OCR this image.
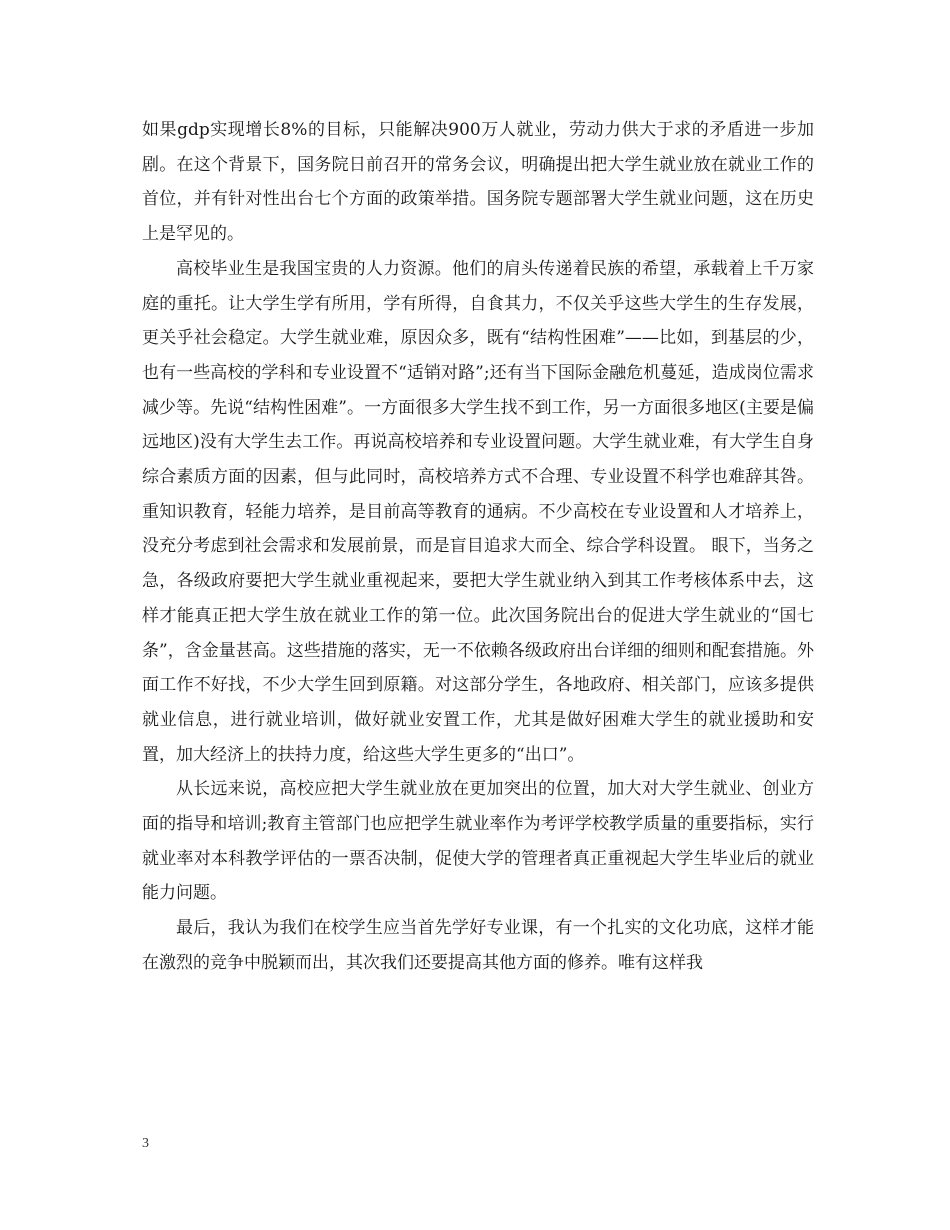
如果gdp实现增长8%的目标，只能解决900万人就业，劳动力供大于求的矛盾进一步加剧。在这个背景下，国务院日前召开的常务会议，明确提出把大学生就业放在就业工作的首位，并有针对性出台七个方面的政策举措。国务院专题部署大学生就业问题，这在历史上是罕见的。

高校毕业生是我国宝贵的人力资源。他们的肩头传递着民族的希望，承载着上千万家庭的重托。让大学生学有所用，学有所得，自食其力，不仅关乎这些大学生的生存发展，更关乎社会稳定。大学生就业难，原因众多，既有“结构性困难”——比如，到基层的少，也有一些高校的学科和专业设置不“适销对路”;还有当下国际金融危机蔓延，造成岗位需求减少等。先说“结构性困难”。一方面很多大学生找不到工作，另一方面很多地区(主要是偏远地区)没有大学生去工作。再说高校培养和专业设置问题。大学生就业难，有大学生自身综合素质方面的因素，但与此同时，高校培养方式不合理、专业设置不科学也难辞其咎。重知识教育，轻能力培养，是目前高等教育的通病。不少高校在专业设置和人才培养上，没充分考虑到社会需求和发展前景，而是盲目追求大而全、综合学科设置。 眼下，当务之急，各级政府要把大学生就业重视起来，要把大学生就业纳入到其工作考核体系中去，这样才能真正把大学生放在就业工作的第一位。此次国务院出台的促进大学生就业的“国七条”，含金量甚高。这些措施的落实，无一不依赖各级政府出台详细的细则和配套措施。外面工作不好找，不少大学生回到原籍。对这部分学生，各地政府、相关部门，应该多提供就业信息，进行就业培训，做好就业安置工作，尤其是做好困难大学生的就业援助和安置，加大经济上的扶持力度，给这些大学生更多的“出口”。

从长远来说，高校应把大学生就业放在更加突出的位置，加大对大学生就业、创业方面的指导和培训;教育主管部门也应把学生就业率作为考评学校教学质量的重要指标，实行就业率对本科教学评估的一票否决制，促使大学的管理者真正重视起大学生毕业后的就业能力问题。

最后，我认为我们在校学生应当首先学好专业课，有一个扎实的文化功底，这样才能在激烈的竞争中脱颖而出，其次我们还要提高其他方面的修养。唯有这样我

3
